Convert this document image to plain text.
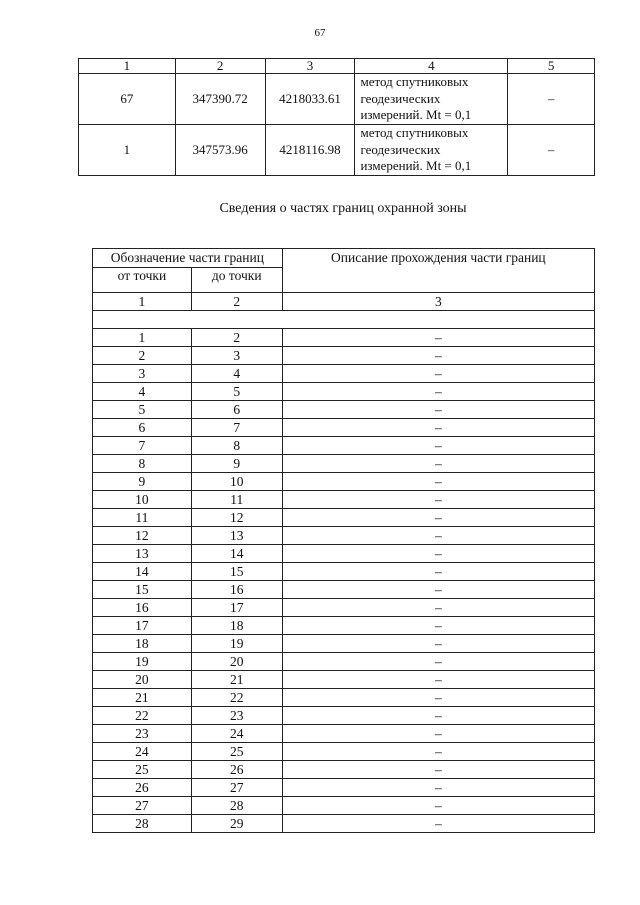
67
1	2	3	4	5
67	347390.72	4218033.61	метод спутниковых
геодезических
измерений. Mt = 0,1	–
1	347573.96	4218116.98	метод спутниковых
геодезических
измерений. Mt = 0,1	–
Сведения о частях границ охранной зоны
Обозначение части границ		Описание прохождения части границ
от точки	до точки	
1	2	3

1	2	–
2	3	–
3	4	–
4	5	–
5	6	–
6	7	–
7	8	–
8	9	–
9	10	–
10	11	–
11	12	–
12	13	–
13	14	–
14	15	–
15	16	–
16	17	–
17	18	–
18	19	–
19	20	–
20	21	–
21	22	–
22	23	–
23	24	–
24	25	–
25	26	–
26	27	–
27	28	–
28	29	–
